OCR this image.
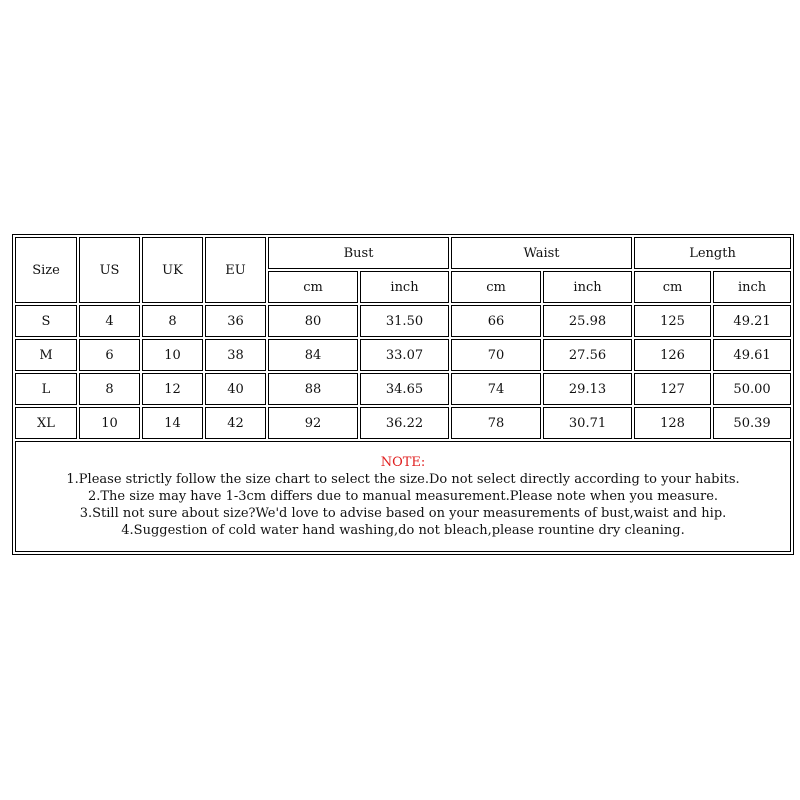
Size	US	UK	EU	Bust		Waist		Length	
				cm	inch	cm	inch	cm	inch
S	4	8	36	80	31.50	66	25.98	125	49.21
M	6	10	38	84	33.07	70	27.56	126	49.61
L	8	12	40	88	34.65	74	29.13	127	50.00
XL	10	14	42	92	36.22	78	30.71	128	50.39

NOTE:
1.Please strictly follow the size chart to select the size.Do not select directly according to your habits.
2.The size may have 1-3cm differs due to manual measurement.Please note when you measure.
3.Still not sure about size?We'd love to advise based on your measurements of bust,waist and hip.
4.Suggestion of cold water hand washing,do not bleach,please rountine dry cleaning.									
